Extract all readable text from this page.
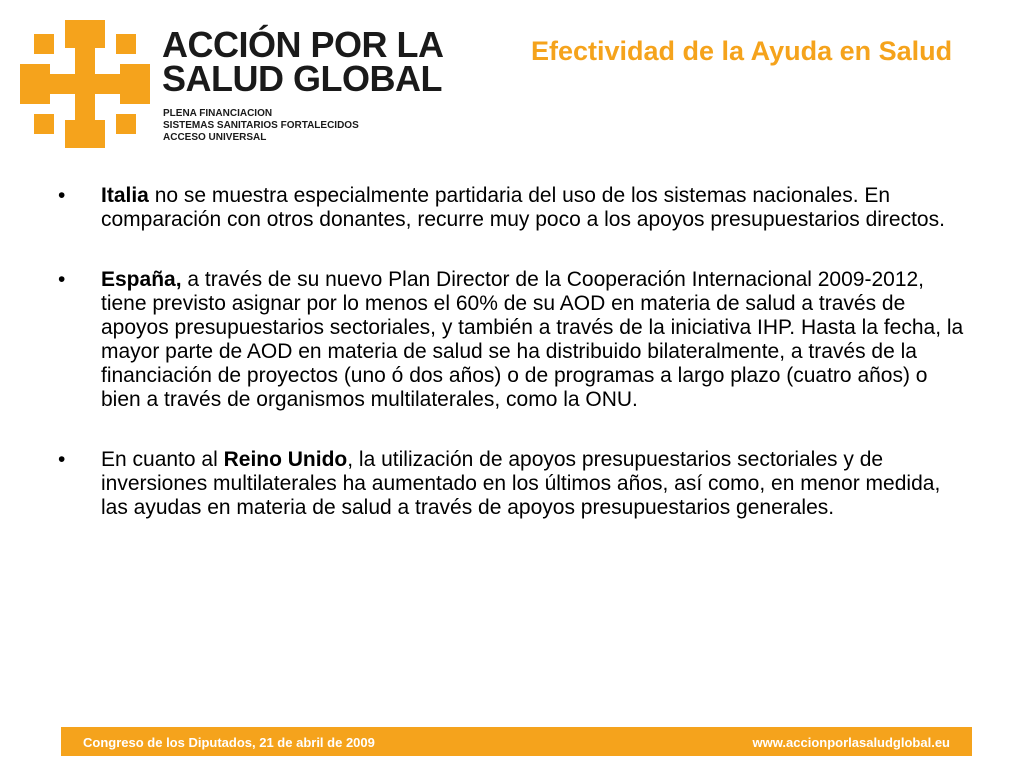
ACCIÓN POR LA
SALUD GLOBAL
PLENA FINANCIACION
SISTEMAS SANITARIOS FORTALECIDOS
ACCESO UNIVERSAL
Efectividad de la Ayuda en Salud
•	Italia no se muestra especialmente partidaria del uso de los sistemas nacionales. En comparación con otros donantes, recurre muy poco a los apoyos presupuestarios directos.
•	España, a través de su nuevo Plan Director de la Cooperación Internacional 2009-2012, tiene previsto asignar por lo menos el 60% de su AOD en materia de salud a través de apoyos presupuestarios sectoriales, y también a través de la iniciativa IHP. Hasta la fecha, la mayor parte de AOD en materia de salud se ha distribuido bilateralmente, a través de la financiación de proyectos (uno ó dos años) o de programas a largo plazo (cuatro años) o bien a través de organismos multilaterales, como la ONU.
•	En cuanto al Reino Unido, la utilización de apoyos presupuestarios sectoriales y de inversiones multilaterales ha aumentado en los últimos años, así como, en menor medida, las ayudas en materia de salud a través de apoyos presupuestarios generales.
Congreso de los Diputados, 21 de abril de 2009	www.accionporlasaludglobal.eu
